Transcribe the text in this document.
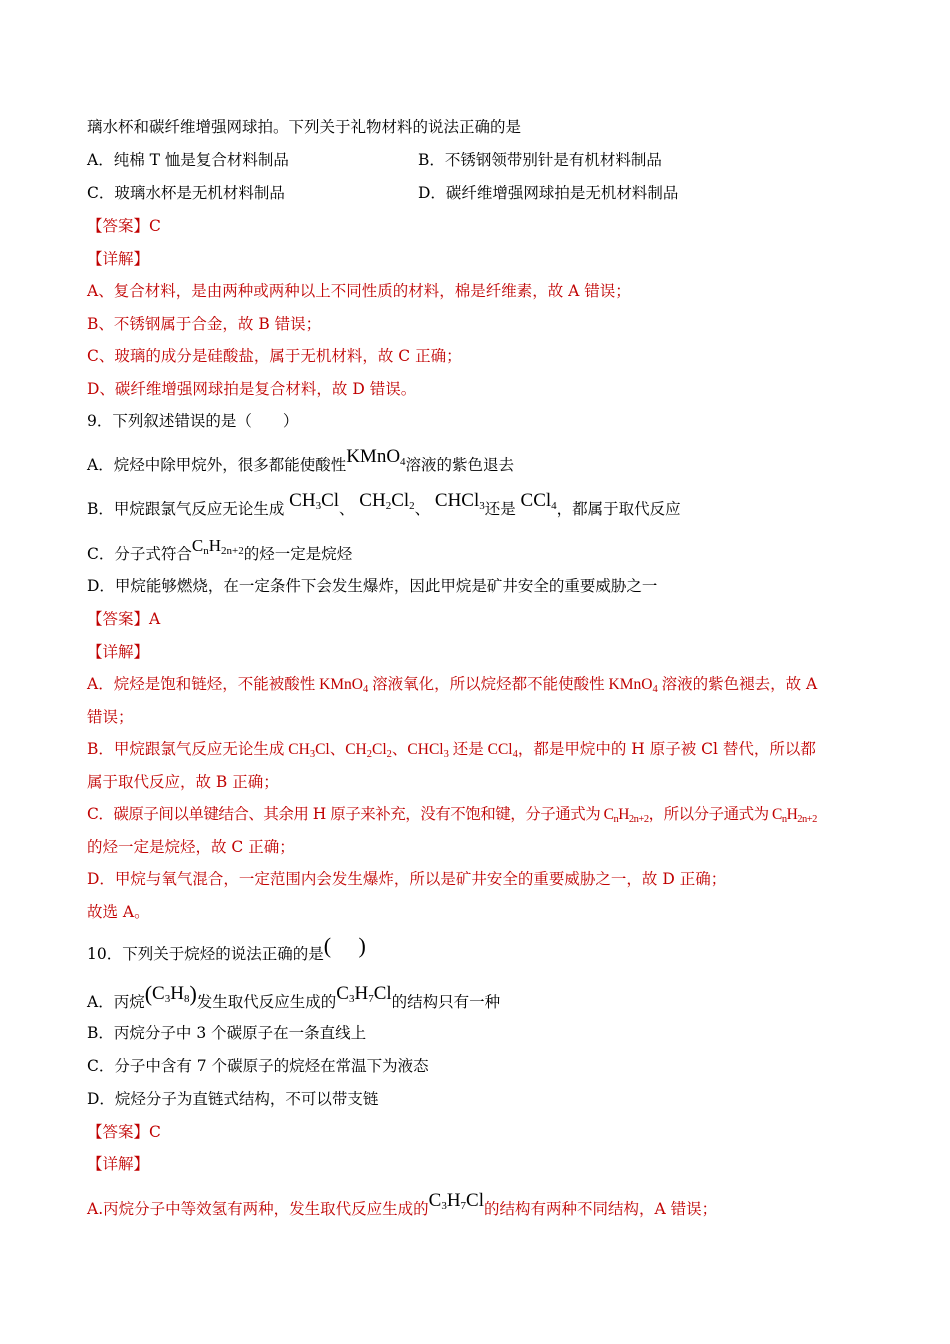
璃水杯和碳纤维增强网球拍。下列关于礼物材料的说法正确的是
A．纯棉 T 恤是复合材料制品	B．不锈钢领带别针是有机材料制品
C．玻璃水杯是无机材料制品	D．碳纤维增强网球拍是无机材料制品
【答案】C
【详解】
A、复合材料，是由两种或两种以上不同性质的材料，棉是纤维素，故 A 错误；
B、不锈钢属于合金，故 B 错误；
C、玻璃的成分是硅酸盐，属于无机材料，故 C 正确；
D、碳纤维增强网球拍是复合材料，故 D 错误。
9．下列叙述错误的是（　　）
A．烷烃中除甲烷外，很多都能使酸性KMnO$_4$溶液的紫色退去
B．甲烷跟氯气反应无论生成 $CH_3Cl$、 $CH_2Cl_2$、 CHCl$_3$还是 CCl$_4$，都属于取代反应
C．分子式符合$C_nH_{2n+2}$的烃一定是烷烃
D．甲烷能够燃烧，在一定条件下会发生爆炸，因此甲烷是矿井安全的重要威胁之一
【答案】A
【详解】
A．烷烃是饱和链烃，不能被酸性 KMnO$_4$ 溶液氧化，所以烷烃都不能使酸性 KMnO$_4$ 溶液的紫色褪去，故 A
错误；
B．甲烷跟氯气反应无论生成 $CH_3Cl$、$CH_2Cl_2$、CHCl$_3$ 还是 CCl$_4$，都是甲烷中的 H 原子被 Cl 替代，所以都
属于取代反应，故 B 正确；
C．碳原子间以单键结合、其余用 H 原子来补充，没有不饱和键，分子通式为 $C_nH_{2n+2}$，所以分子通式为 $C_nH_{2n+2}$
的烃一定是烷烃，故 C 正确；
D．甲烷与氧气混合，一定范围内会发生爆炸，所以是矿井安全的重要威胁之一，故 D 正确；
故选 A。
10．下列关于烷烃的说法正确的是(　 )
A．丙烷$(C_3H_8)$发生取代反应生成的$C_3H_7Cl$的结构只有一种
B．丙烷分子中 3 个碳原子在一条直线上
C．分子中含有 7 个碳原子的烷烃在常温下为液态
D．烷烃分子为直链式结构，不可以带支链
【答案】C
【详解】
A.丙烷分子中等效氢有两种，发生取代反应生成的$C_3H_7Cl$的结构有两种不同结构，A 错误；
